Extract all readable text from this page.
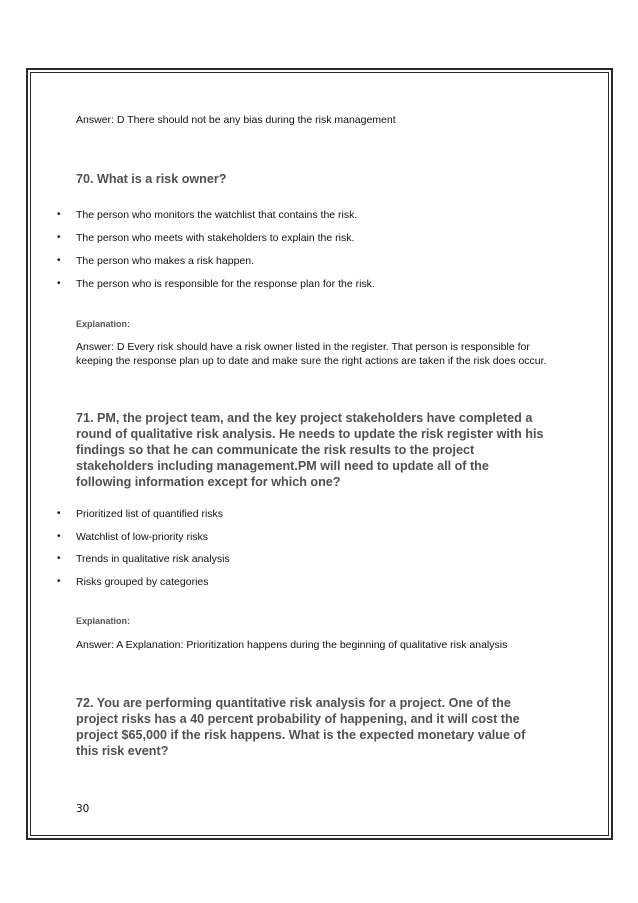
Answer: D There should not be any bias during the risk management
70. What is a risk owner?
• The person who monitors the watchlist that contains the risk.
• The person who meets with stakeholders to explain the risk.
• The person who makes a risk happen.
• The person who is responsible for the response plan for the risk.
Explanation:
Answer: D Every risk should have a risk owner listed in the register. That person is responsible for keeping the response plan up to date and make sure the right actions are taken if the risk does occur.
71. PM, the project team, and the key project stakeholders have completed a round of qualitative risk analysis. He needs to update the risk register with his findings so that he can communicate the risk results to the project stakeholders including management.PM will need to update all of the following information except for which one?
• Prioritized list of quantified risks
• Watchlist of low-priority risks
• Trends in qualitative risk analysis
• Risks grouped by categories
Explanation:
Answer: A Explanation: Prioritization happens during the beginning of qualitative risk analysis
72. You are performing quantitative risk analysis for a project. One of the project risks has a 40 percent probability of happening, and it will cost the project $65,000 if the risk happens. What is the expected monetary value of this risk event?
30
